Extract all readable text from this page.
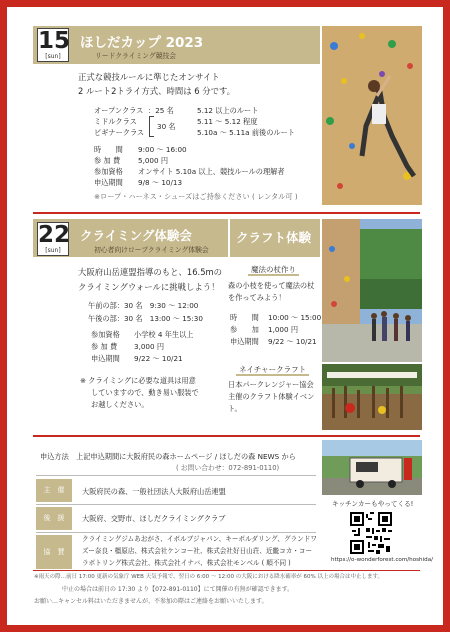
15
[sun]
ほしだカップ 2023
リードクライミング競技会
正式な競技ルールに準じたオンサイト
2 ルート2トライ方式、時間は 6 分です。
オープンクラス ：25 名	5.12 以上のルート
ミドルクラス	5.11 ～ 5.12 程度
ビギナークラス	5.10a ～ 5.11a 前後のルート
30 名
時　　間 9:00 ～ 16:00
参 加 費 5,000 円
参加資格 オンサイト 5.10a 以上、競技ルールの理解者
申込期間 9/8 ～ 10/13
※ロープ・ハーネス・シューズはご持参ください ( レンタル可 )
22
[sun]
クライミング体験会
初心者向けロープクライミング体験会
クラフト体験
大阪府山岳連盟指導のもと、16.5mの
クライミングウォールに挑戦しよう！
午前の部：30 名　9:30 ～ 12:00
午後の部：30 名　13:00 ～ 15:30
参加資格 小学校 4 年生以上
参 加 費 3,000 円
申込期間 9/22 ～ 10/21
※ クライミングに必要な道具は用意
していますので、動き易い服装で
お越しください。
魔法の杖作り
森の小枝を使って魔法の杖
を作ってみよう！
時　　間 10:00 ～ 15:00
参　　加 1,000 円
申込期間 9/22 ～ 10/21
ネイチャークラフト
日本パークレンジャー協会
主催のクラフト体験イベン
ト。
申込方法 上記申込期間に大阪府民の森ホームページ / ほしだの森 NEWS から
( お問い合わせ：072-891-0110)
主　催	大阪府民の森、一般社団法人大阪府山岳連盟
後　援	大阪府、交野市、ほしだクライミングクラブ
協　賛
クライミングジムあおがさ、イボルブジャパン、キーボルダリング、グランドワ
ズー奈良・橿原店、株式会社ケンコー社、株式会社好日山荘、近畿コカ・コー
ラボトリング株式会社、株式会社イナバ、株式会社モンベル ( 順不同 )
キッチンカーもやってくる!
https://o-wonderforest.com/hoshida/
※雨天の際…前日 17:00 更新の気象庁 WEB 天気予報で、翌日の 6:00 ～ 12:00 の大阪における降水確率が 60% 以上の場合は中止します。
中止の場合は前日の 17:30 より【072-891-0110】にて開催の有無が確認できます。
お願い…キャンセル料はいただきませんが、不参加の際はご連絡をお願いいたします。
